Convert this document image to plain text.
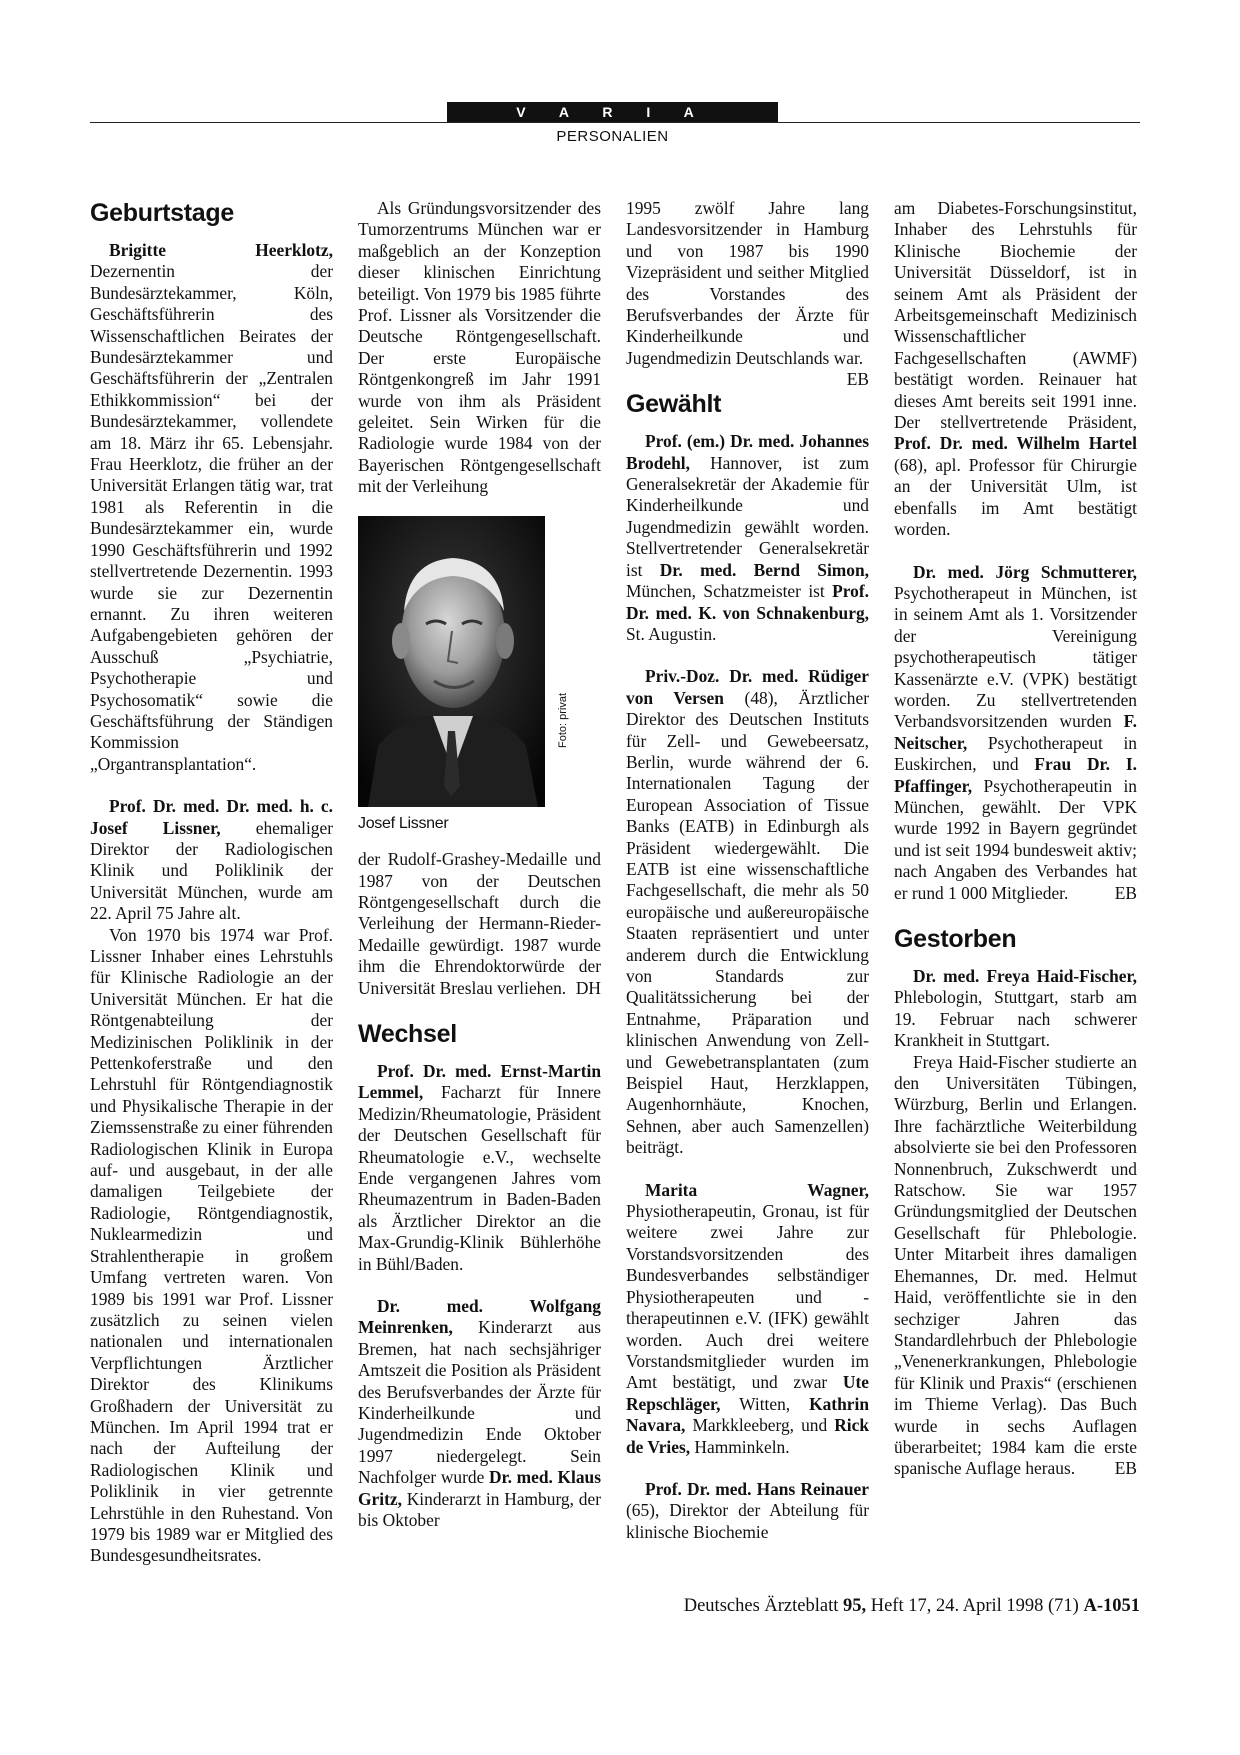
V A R I A
PERSONALIEN
Geburtstage

Brigitte Heerklotz, Dezernentin der Bundesärztekammer, Köln, Geschäftsführerin des Wissenschaftlichen Beirates der Bundesärztekammer und Geschäftsführerin der „Zentralen Ethikkommission“ bei der Bundesärztekammer, vollendete am 18. März ihr 65. Lebensjahr. Frau Heerklotz, die früher an der Universität Erlangen tätig war, trat 1981 als Referentin in die Bundesärztekammer ein, wurde 1990 Geschäftsführerin und 1992 stellvertretende Dezernentin. 1993 wurde sie zur Dezernentin ernannt. Zu ihren weiteren Aufgabengebieten gehören der Ausschuß „Psychiatrie, Psychotherapie und Psychosomatik“ sowie die Geschäftsführung der Ständigen Kommission „Organtransplantation“.

Prof. Dr. med. Dr. med. h. c. Josef Lissner, ehemaliger Direktor der Radiologischen Klinik und Poliklinik der Universität München, wurde am 22. April 75 Jahre alt.

Von 1970 bis 1974 war Prof. Lissner Inhaber eines Lehrstuhls für Klinische Radiologie an der Universität München. Er hat die Röntgenabteilung der Medizinischen Poliklinik in der Pettenkoferstraße und den Lehrstuhl für Röntgendiagnostik und Physikalische Therapie in der Ziemssenstraße zu einer führenden Radiologischen Klinik in Europa auf- und ausgebaut, in der alle damaligen Teilgebiete der Radiologie, Röntgendiagnostik, Nuklearmedizin und Strahlentherapie in großem Umfang vertreten waren. Von 1989 bis 1991 war Prof. Lissner zusätzlich zu seinen vielen nationalen und internationalen Verpflichtungen Ärztlicher Direktor des Klinikums Großhadern der Universität zu München. Im April 1994 trat er nach der Aufteilung der Radiologischen Klinik und Poliklinik in vier getrennte Lehrstühle in den Ruhestand. Von 1979 bis 1989 war er Mitglied des Bundesgesundheitsrates.

Als Gründungsvorsitzender des Tumorzentrums München war er maßgeblich an der Konzeption dieser klinischen Einrichtung beteiligt. Von 1979 bis 1985 führte Prof. Lissner als Vorsitzender die Deutsche Röntgengesellschaft. Der erste Europäische Röntgenkongreß im Jahr 1991 wurde von ihm als Präsident geleitet. Sein Wirken für die Radiologie wurde 1984 von der Bayerischen Röntgengesellschaft mit der Verleihung

Foto: privat
Josef Lissner

der Rudolf-Grashey-Medaille und 1987 von der Deutschen Röntgengesellschaft durch die Verleihung der Hermann-Rieder-Medaille gewürdigt. 1987 wurde ihm die Ehrendoktorwürde der Universität Breslau verliehen. DH

Wechsel

Prof. Dr. med. Ernst-Martin Lemmel, Facharzt für Innere Medizin/Rheumatologie, Präsident der Deutschen Gesellschaft für Rheumatologie e.V., wechselte Ende vergangenen Jahres vom Rheumazentrum in Baden-Baden als Ärztlicher Direktor an die Max-Grundig-Klinik Bühlerhöhe in Bühl/Baden.

Dr. med. Wolfgang Meinrenken, Kinderarzt aus Bremen, hat nach sechsjähriger Amtszeit die Position als Präsident des Berufsverbandes der Ärzte für Kinderheilkunde und Jugendmedizin Ende Oktober 1997 niedergelegt. Sein Nachfolger wurde Dr. med. Klaus Gritz, Kinderarzt in Hamburg, der bis Oktober

1995 zwölf Jahre lang Landesvorsitzender in Hamburg und von 1987 bis 1990 Vizepräsident und seither Mitglied des Vorstandes des Berufsverbandes der Ärzte für Kinderheilkunde und Jugendmedizin Deutschlands war.
EB

Gewählt

Prof. (em.) Dr. med. Johannes Brodehl, Hannover, ist zum Generalsekretär der Akademie für Kinderheilkunde und Jugendmedizin gewählt worden. Stellvertretender Generalsekretär ist Dr. med. Bernd Simon, München, Schatzmeister ist Prof. Dr. med. K. von Schnakenburg, St. Augustin.

Priv.-Doz. Dr. med. Rüdiger von Versen (48), Ärztlicher Direktor des Deutschen Instituts für Zell- und Gewebeersatz, Berlin, wurde während der 6. Internationalen Tagung der European Association of Tissue Banks (EATB) in Edinburgh als Präsident wiedergewählt. Die EATB ist eine wissenschaftliche Fachgesellschaft, die mehr als 50 europäische und außereuropäische Staaten repräsentiert und unter anderem durch die Entwicklung von Standards zur Qualitätssicherung bei der Entnahme, Präparation und klinischen Anwendung von Zell- und Gewebetransplantaten (zum Beispiel Haut, Herzklappen, Augenhornhäute, Knochen, Sehnen, aber auch Samenzellen) beiträgt.

Marita Wagner, Physiotherapeutin, Gronau, ist für weitere zwei Jahre zur Vorstandsvorsitzenden des Bundesverbandes selbständiger Physiotherapeuten und -therapeutinnen e.V. (IFK) gewählt worden. Auch drei weitere Vorstandsmitglieder wurden im Amt bestätigt, und zwar Ute Repschläger, Witten, Kathrin Navara, Markkleeberg, und Rick de Vries, Hamminkeln.

Prof. Dr. med. Hans Reinauer (65), Direktor der Abteilung für klinische Biochemie

am Diabetes-Forschungsinstitut, Inhaber des Lehrstuhls für Klinische Biochemie der Universität Düsseldorf, ist in seinem Amt als Präsident der Arbeitsgemeinschaft Medizinisch Wissenschaftlicher Fachgesellschaften (AWMF) bestätigt worden. Reinauer hat dieses Amt bereits seit 1991 inne. Der stellvertretende Präsident, Prof. Dr. med. Wilhelm Hartel (68), apl. Professor für Chirurgie an der Universität Ulm, ist ebenfalls im Amt bestätigt worden.

Dr. med. Jörg Schmutterer, Psychotherapeut in München, ist in seinem Amt als 1. Vorsitzender der Vereinigung psychotherapeutisch tätiger Kassenärzte e.V. (VPK) bestätigt worden. Zu stellvertretenden Verbandsvorsitzenden wurden F. Neitscher, Psychotherapeut in Euskirchen, und Frau Dr. I. Pfaffinger, Psychotherapeutin in München, gewählt. Der VPK wurde 1992 in Bayern gegründet und ist seit 1994 bundesweit aktiv; nach Angaben des Verbandes hat er rund 1 000 Mitglieder.	EB

Gestorben

Dr. med. Freya Haid-Fischer, Phlebologin, Stuttgart, starb am 19. Februar nach schwerer Krankheit in Stuttgart.

Freya Haid-Fischer studierte an den Universitäten Tübingen, Würzburg, Berlin und Erlangen. Ihre fachärztliche Weiterbildung absolvierte sie bei den Professoren Nonnenbruch, Zukschwerdt und Ratschow. Sie war 1957 Gründungsmitglied der Deutschen Gesellschaft für Phlebologie. Unter Mitarbeit ihres damaligen Ehemannes, Dr. med. Helmut Haid, veröffentlichte sie in den sechziger Jahren das Standardlehrbuch der Phlebologie „Venenerkrankungen, Phlebologie für Klinik und Praxis“ (erschienen im Thieme Verlag). Das Buch wurde in sechs Auflagen überarbeitet; 1984 kam die erste spanische Auflage heraus.	EB

Deutsches Ärzteblatt 95, Heft 17, 24. April 1998 (71) A-1051
